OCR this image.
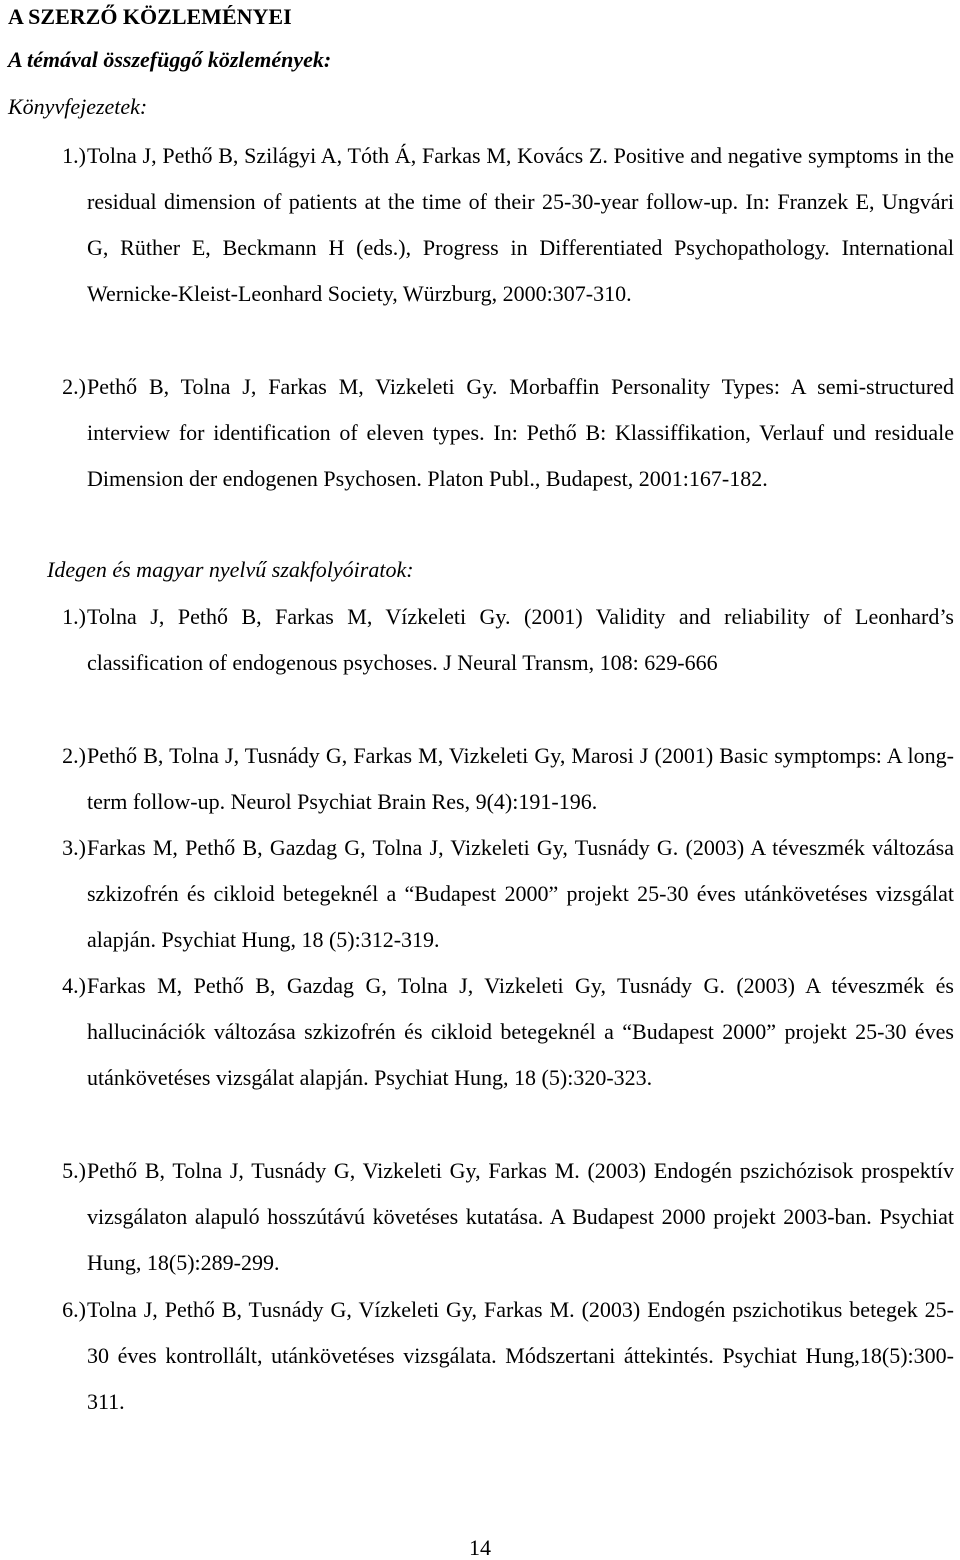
A SZERZŐ KÖZLEMÉNYEI
A témával összefüggő közlemények:
Könyvfejezetek:
1.) Tolna J, Pethő B, Szilágyi A, Tóth Á, Farkas M, Kovács Z. Positive and negative symptoms in the residual dimension of patients at the time of their 25-30-year follow-up. In: Franzek E, Ungvári G, Rüther E, Beckmann H (eds.), Progress in Differentiated Psychopathology. International Wernicke-Kleist-Leonhard Society, Würzburg, 2000:307-310.
2.) Pethő B, Tolna J, Farkas M, Vizkeleti Gy. Morbaffin Personality Types: A semi-structured interview for identification of eleven types. In: Pethő B: Klassiffikation, Verlauf und residuale Dimension der endogenen Psychosen. Platon Publ., Budapest, 2001:167-182.
Idegen és magyar nyelvű szakfolyóiratok:
1.) Tolna J, Pethő B, Farkas M, Vízkeleti Gy. (2001) Validity and reliability of Leonhard’s classification of endogenous psychoses. J Neural Transm, 108: 629-666
2.) Pethő B, Tolna J, Tusnády G, Farkas M, Vizkeleti Gy, Marosi J (2001) Basic symptomps: A long- term follow-up. Neurol Psychiat Brain Res, 9(4):191-196.
3.) Farkas M, Pethő B, Gazdag G, Tolna J, Vizkeleti Gy, Tusnády G. (2003) A téveszmék változása szkizofrén és cikloid betegeknél a “Budapest 2000” projekt 25-30 éves utánkövetéses vizsgálat alapján. Psychiat Hung, 18 (5):312-319.
4.) Farkas M, Pethő B, Gazdag G, Tolna J, Vizkeleti Gy, Tusnády G. (2003) A téveszmék és hallucinációk változása szkizofrén és cikloid betegeknél a “Budapest 2000” projekt 25-30 éves utánkövetéses vizsgálat alapján. Psychiat Hung, 18 (5):320-323.
5.) Pethő B, Tolna J, Tusnády G, Vizkeleti Gy, Farkas M. (2003) Endogén pszichózisok prospektív vizsgálaton alapuló hosszútávú követéses kutatása. A Budapest 2000 projekt 2003-ban. Psychiat Hung, 18(5):289-299.
6.) Tolna J, Pethő B, Tusnády G, Vízkeleti Gy, Farkas M. (2003) Endogén pszichotikus betegek 25-30 éves kontrollált, utánkövetéses vizsgálata. Módszertani áttekintés. Psychiat Hung,18(5):300-311.
14
